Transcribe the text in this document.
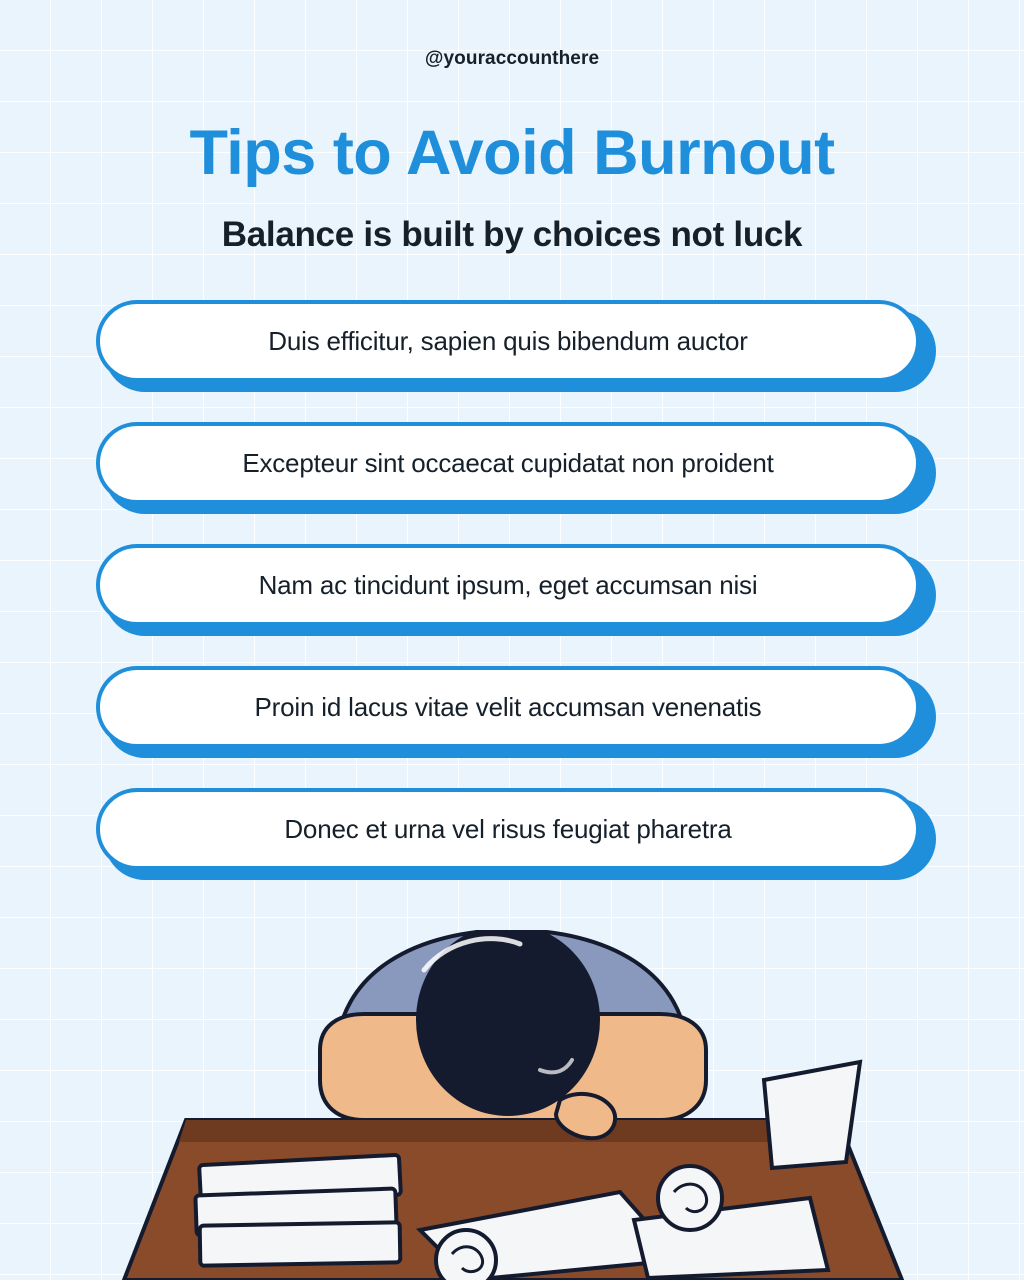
@youraccounthere
Tips to Avoid Burnout
Balance is built by choices not luck
Duis efficitur, sapien quis bibendum auctor
Excepteur sint occaecat cupidatat non proident
Nam ac tincidunt ipsum, eget accumsan nisi
Proin id lacus vitae velit accumsan venenatis
Donec et urna vel risus feugiat pharetra
